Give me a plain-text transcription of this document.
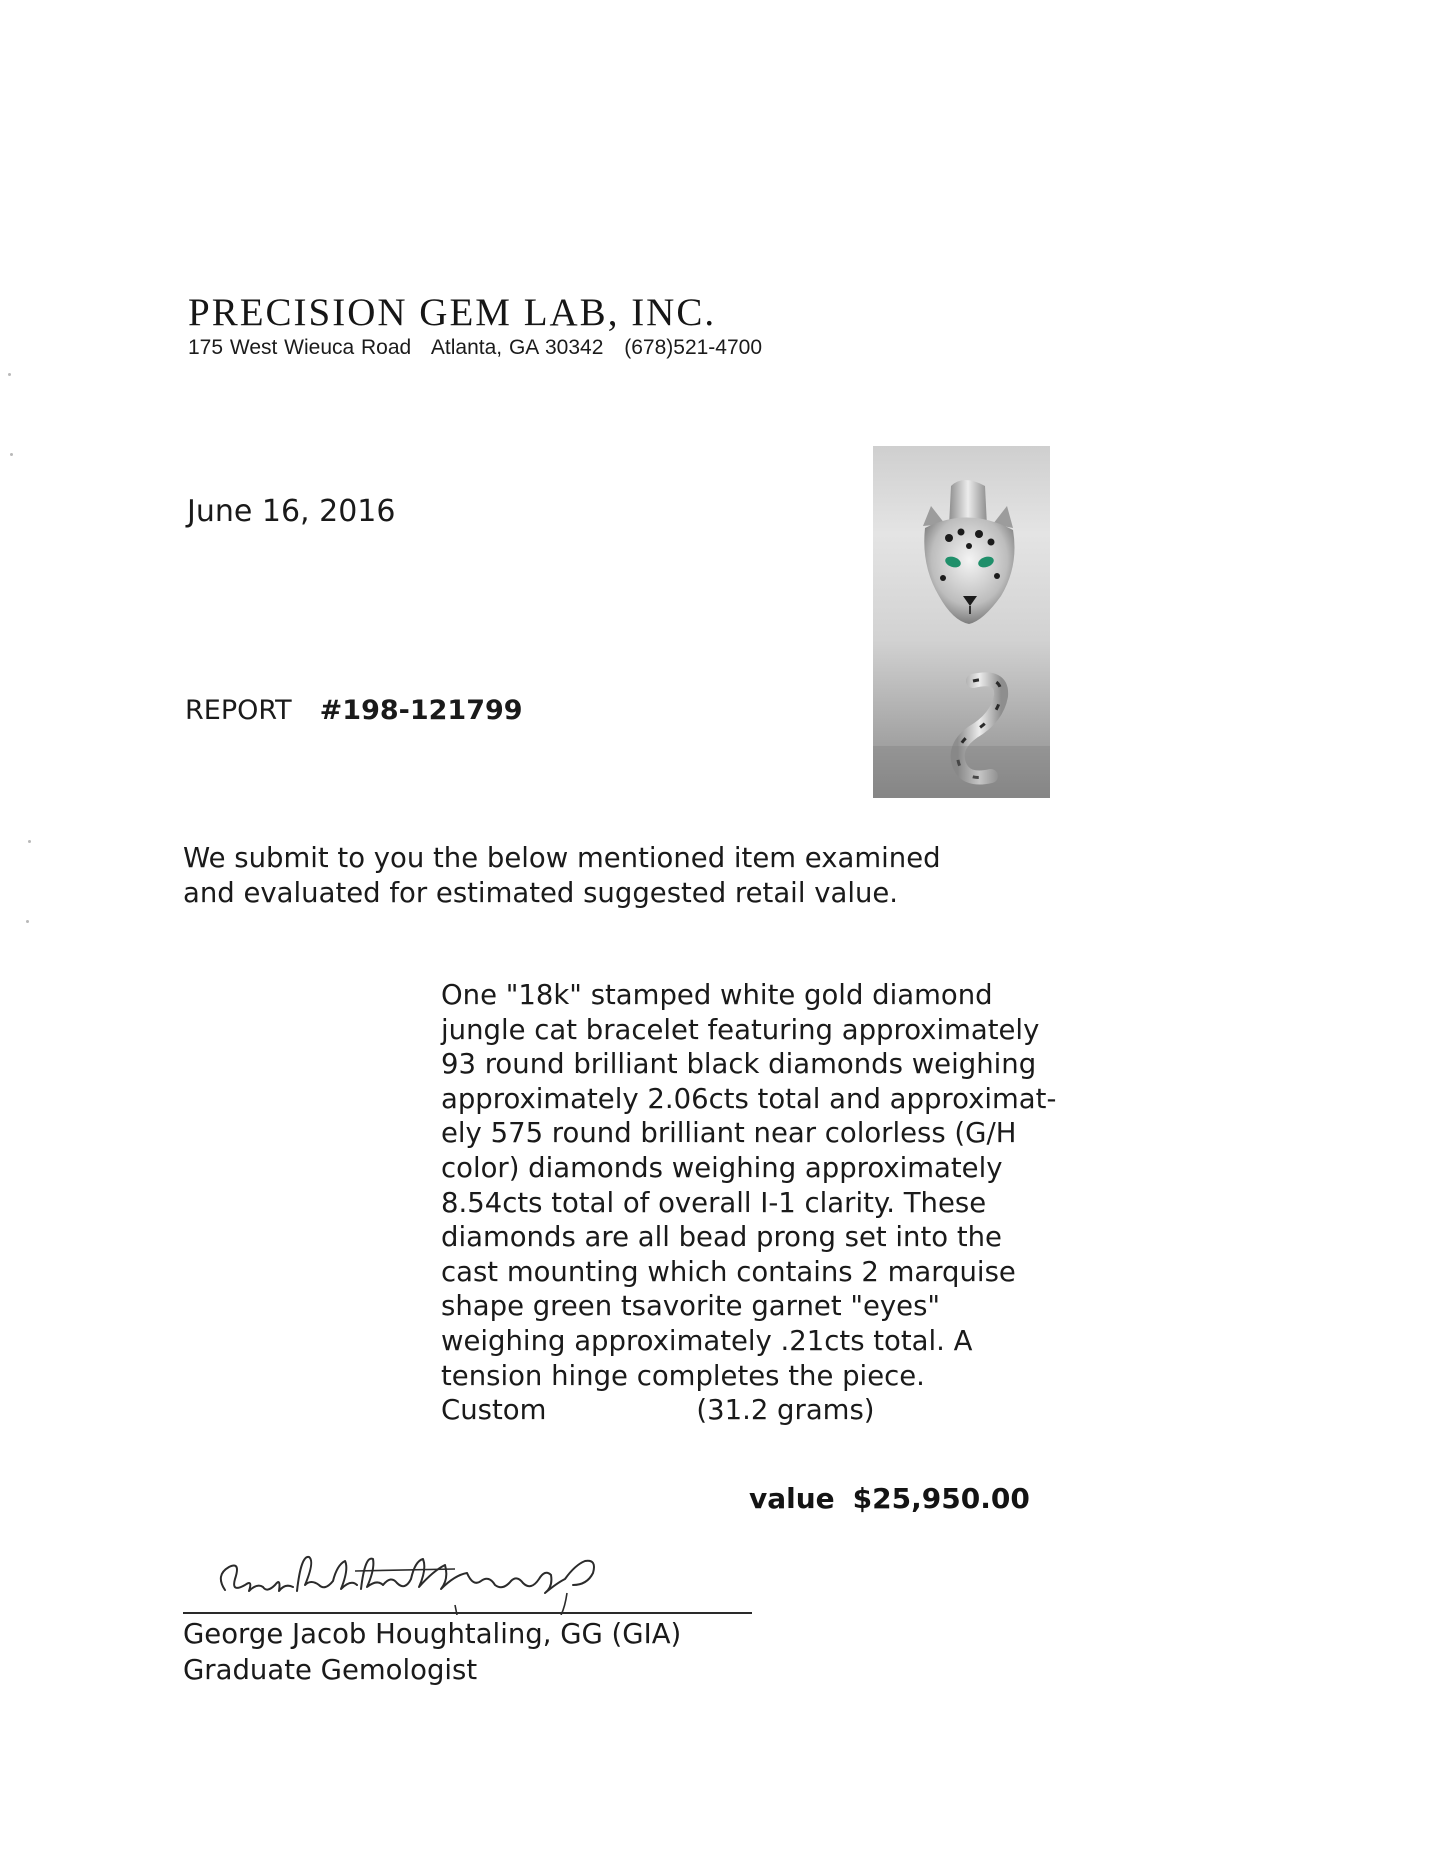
PRECISION GEM LAB, INC.
175 West Wieuca Road Atlanta, GA 30342 (678)521-4700
June 16, 2016
REPORT #198-121799
We submit to you the below mentioned item examined
and evaluated for estimated suggested retail value.
One "18k" stamped white gold diamond
jungle cat bracelet featuring approximately
93 round brilliant black diamonds weighing
approximately 2.06cts total and approximat-
ely 575 round brilliant near colorless (G/H
color) diamonds weighing approximately
8.54cts total of overall I-1 clarity. These
diamonds are all bead prong set into the
cast mounting which contains 2 marquise
shape green tsavorite garnet "eyes"
weighing approximately .21cts total. A
tension hinge completes the piece.
Custom	(31.2 grams)
value $25,950.00
George Jacob Houghtaling, GG (GIA)
Graduate Gemologist
